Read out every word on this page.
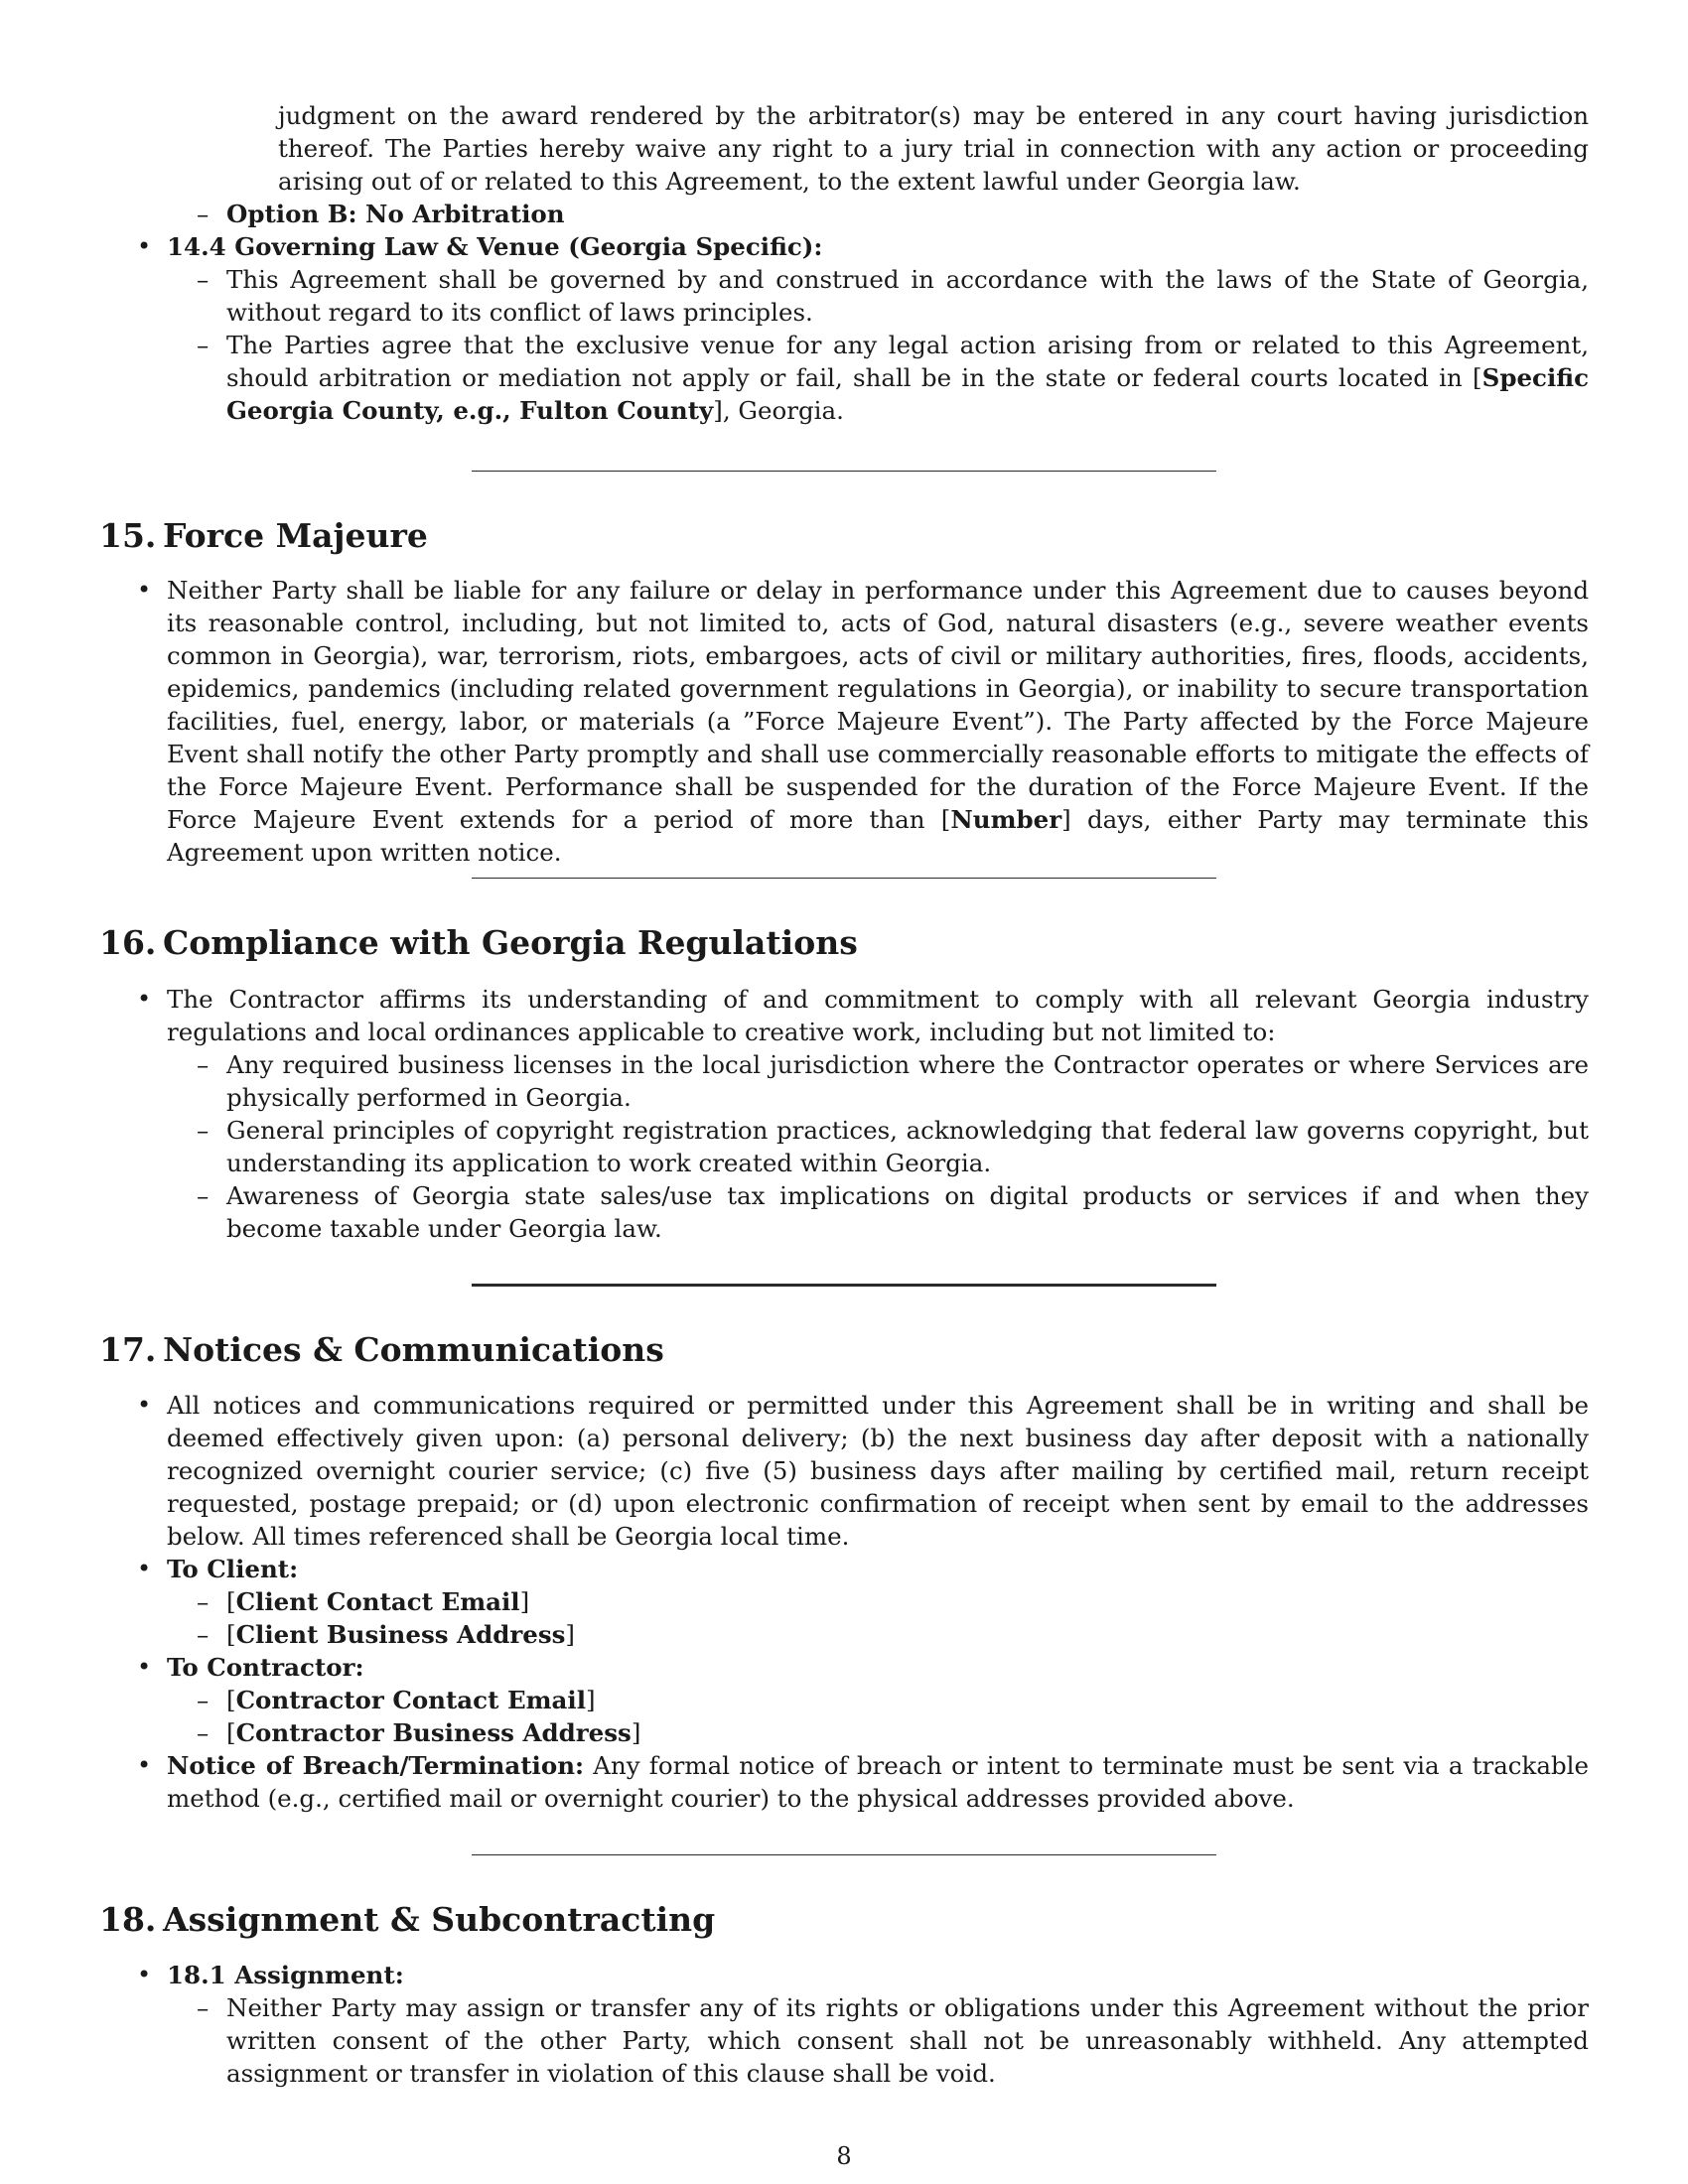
judgment on the award rendered by the arbitrator(s) may be entered in any court having jurisdiction thereof. The Parties hereby waive any right to a jury trial in connection with any action or proceeding arising out of or related to this Agreement, to the extent lawful under Georgia law.
– Option B: No Arbitration
• 14.4 Governing Law & Venue (Georgia Specific):
– This Agreement shall be governed by and construed in accordance with the laws of the State of Georgia, without regard to its conflict of laws principles.
– The Parties agree that the exclusive venue for any legal action arising from or related to this Agreement, should arbitration or mediation not apply or fail, shall be in the state or federal courts located in [Specific Georgia County, e.g., Fulton County], Georgia.
15. Force Majeure
• Neither Party shall be liable for any failure or delay in performance under this Agreement due to causes beyond its reasonable control, including, but not limited to, acts of God, natural disasters (e.g., severe weather events common in Georgia), war, terrorism, riots, embargoes, acts of civil or military authorities, fires, floods, accidents, epidemics, pandemics (including related government regulations in Georgia), or inability to secure transportation facilities, fuel, energy, labor, or materials (a ”Force Majeure Event”). The Party affected by the Force Majeure Event shall notify the other Party promptly and shall use commercially reasonable efforts to mitigate the effects of the Force Majeure Event. Performance shall be suspended for the duration of the Force Majeure Event. If the Force Majeure Event extends for a period of more than [Number] days, either Party may terminate this Agreement upon written notice.
16. Compliance with Georgia Regulations
• The Contractor affirms its understanding of and commitment to comply with all relevant Georgia industry regulations and local ordinances applicable to creative work, including but not limited to:
– Any required business licenses in the local jurisdiction where the Contractor operates or where Services are physically performed in Georgia.
– General principles of copyright registration practices, acknowledging that federal law governs copyright, but understanding its application to work created within Georgia.
– Awareness of Georgia state sales/use tax implications on digital products or services if and when they become taxable under Georgia law.
17. Notices & Communications
• All notices and communications required or permitted under this Agreement shall be in writing and shall be deemed effectively given upon: (a) personal delivery; (b) the next business day after deposit with a nationally recognized overnight courier service; (c) five (5) business days after mailing by certified mail, return receipt requested, postage prepaid; or (d) upon electronic confirmation of receipt when sent by email to the addresses below. All times referenced shall be Georgia local time.
• To Client:
– [Client Contact Email]
– [Client Business Address]
• To Contractor:
– [Contractor Contact Email]
– [Contractor Business Address]
• Notice of Breach/Termination: Any formal notice of breach or intent to terminate must be sent via a trackable method (e.g., certified mail or overnight courier) to the physical addresses provided above.
18. Assignment & Subcontracting
• 18.1 Assignment:
– Neither Party may assign or transfer any of its rights or obligations under this Agreement without the prior written consent of the other Party, which consent shall not be unreasonably withheld. Any attempted assignment or transfer in violation of this clause shall be void.
8
